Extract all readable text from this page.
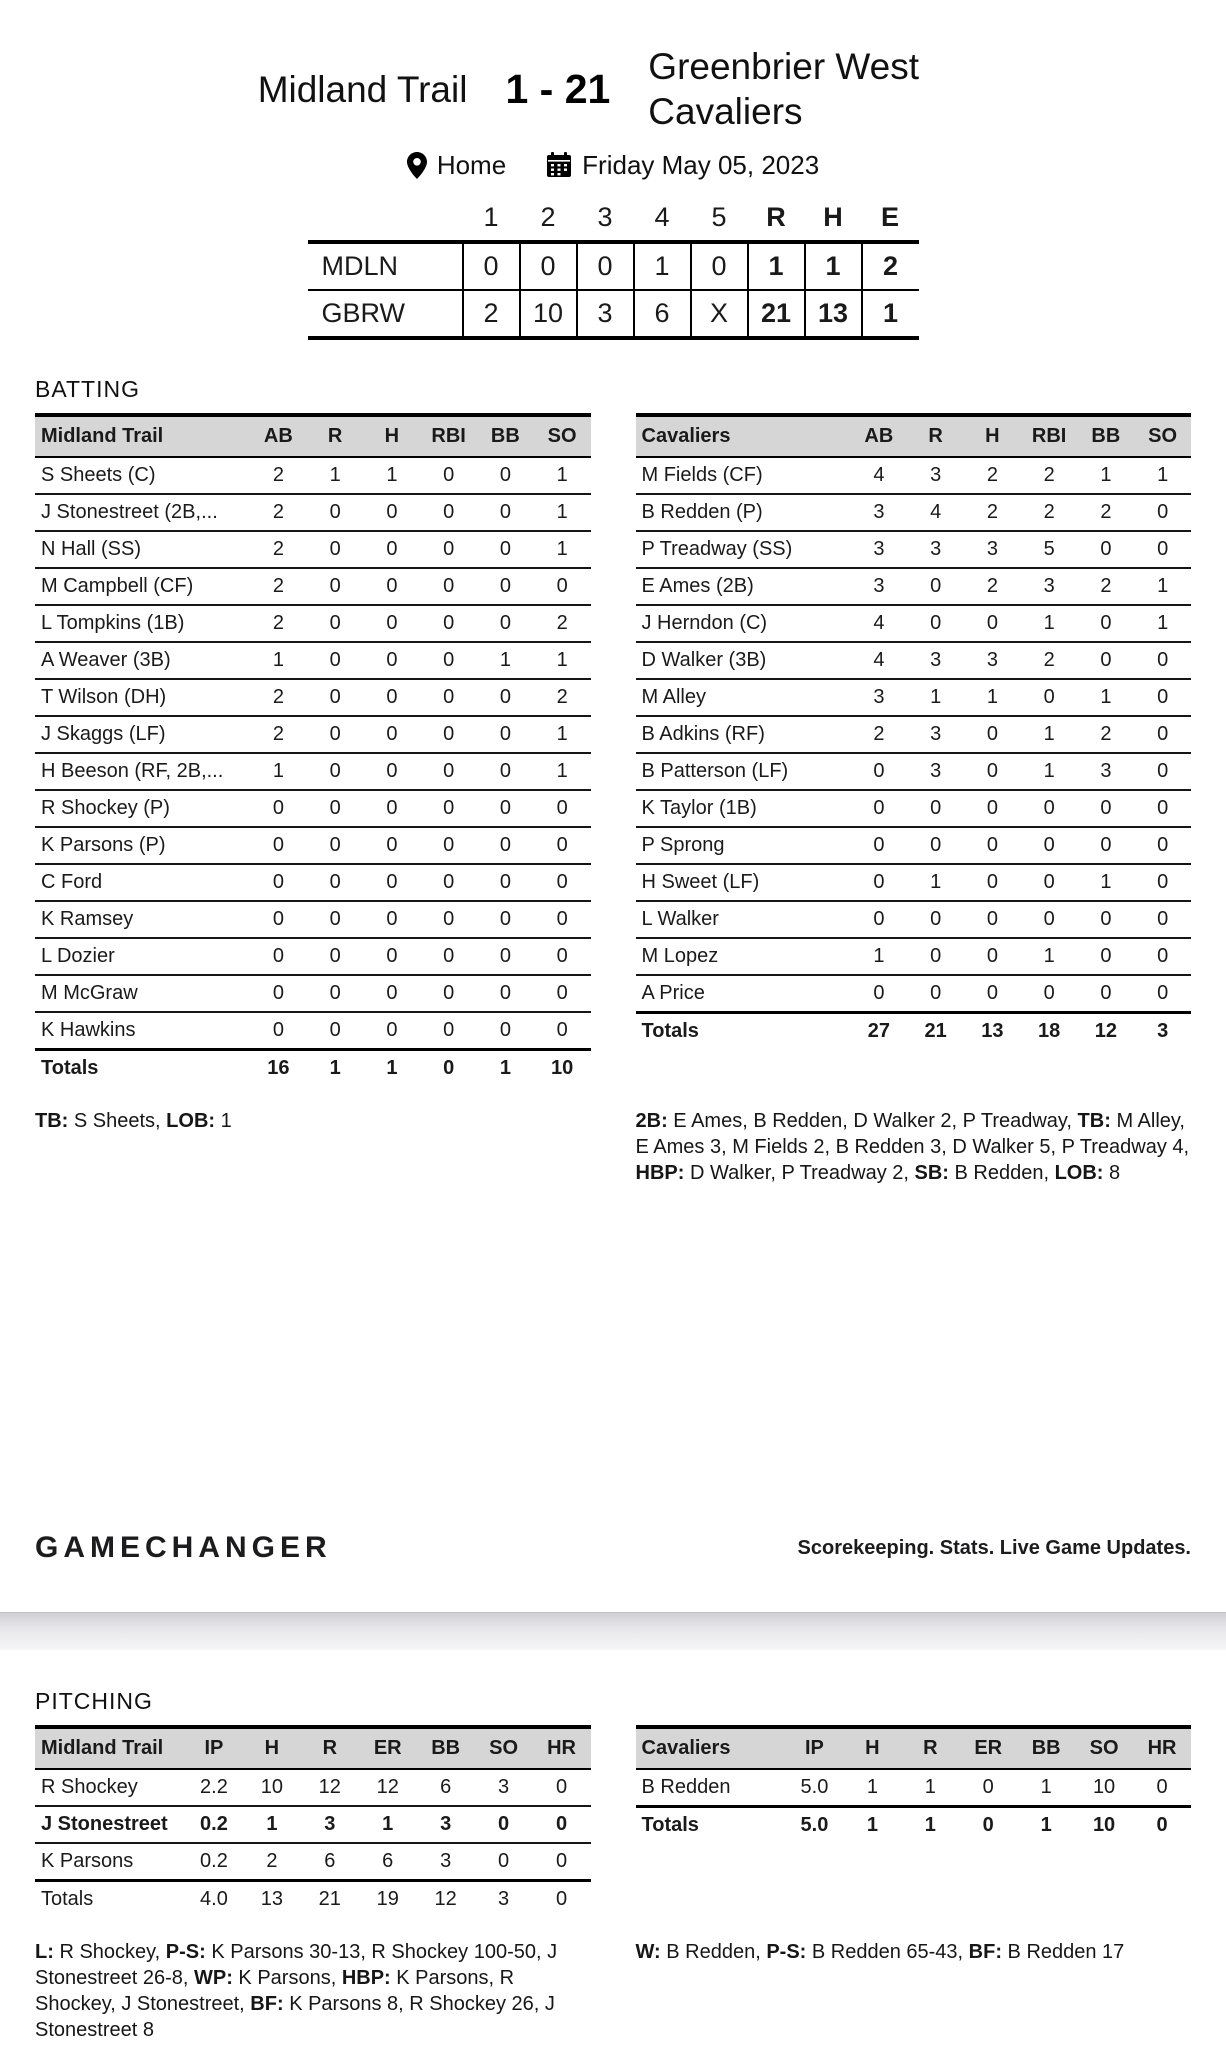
Midland Trail 1 - 21 Greenbrier West Cavaliers
Home	Friday May 05, 2023
	1	2	3	4	5	R	H	E
MDLN	0	0	0	1	0	1	1	2
GBRW	2	10	3	6	X	21	13	1
BATTING
Midland Trail	AB	R	H	RBI	BB	SO
S Sheets (C)	2	1	1	0	0	1
J Stonestreet (2B,...	2	0	0	0	0	1
N Hall (SS)	2	0	0	0	0	1
M Campbell (CF)	2	0	0	0	0	0
L Tompkins (1B)	2	0	0	0	0	2
A Weaver (3B)	1	0	0	0	1	1
T Wilson (DH)	2	0	0	0	0	2
J Skaggs (LF)	2	0	0	0	0	1
H Beeson (RF, 2B,...	1	0	0	0	0	1
R Shockey (P)	0	0	0	0	0	0
K Parsons (P)	0	0	0	0	0	0
C Ford	0	0	0	0	0	0
K Ramsey	0	0	0	0	0	0
L Dozier	0	0	0	0	0	0
M McGraw	0	0	0	0	0	0
K Hawkins	0	0	0	0	0	0
Totals	16	1	1	0	1	10
Cavaliers	AB	R	H	RBI	BB	SO
M Fields (CF)	4	3	2	2	1	1
B Redden (P)	3	4	2	2	2	0
P Treadway (SS)	3	3	3	5	0	0
E Ames (2B)	3	0	2	3	2	1
J Herndon (C)	4	0	0	1	0	1
D Walker (3B)	4	3	3	2	0	0
M Alley	3	1	1	0	1	0
B Adkins (RF)	2	3	0	1	2	0
B Patterson (LF)	0	3	0	1	3	0
K Taylor (1B)	0	0	0	0	0	0
P Sprong	0	0	0	0	0	0
H Sweet (LF)	0	1	0	0	1	0
L Walker	0	0	0	0	0	0
M Lopez	1	0	0	1	0	0
A Price	0	0	0	0	0	0
Totals	27	21	13	18	12	3

TB: S Sheets, LOB: 1	2B: E Ames, B Redden, D Walker 2, P Treadway, TB: M Alley, E Ames 3, M Fields 2, B Redden 3, D Walker 5, P Treadway 4, HBP: D Walker, P Treadway 2, SB: B Redden, LOB: 8

GAMECHANGER	Scorekeeping. Stats. Live Game Updates.
PITCHING
Midland Trail	IP	H	R	ER	BB	SO	HR
R Shockey	2.2	10	12	12	6	3	0
J Stonestreet	0.2	1	3	1	3	0	0
K Parsons	0.2	2	6	6	3	0	0
Totals	4.0	13	21	19	12	3	0
Cavaliers	IP	H	R	ER	BB	SO	HR
B Redden	5.0	1	1	0	1	10	0
Totals	5.0	1	1	0	1	10	0

L: R Shockey, P-S: K Parsons 30-13, R Shockey 100-50, J Stonestreet 26-8, WP: K Parsons, HBP: K Parsons, R Shockey, J Stonestreet, BF: K Parsons 8, R Shockey 26, J Stonestreet 8

W: B Redden, P-S: B Redden 65-43, BF: B Redden 17
